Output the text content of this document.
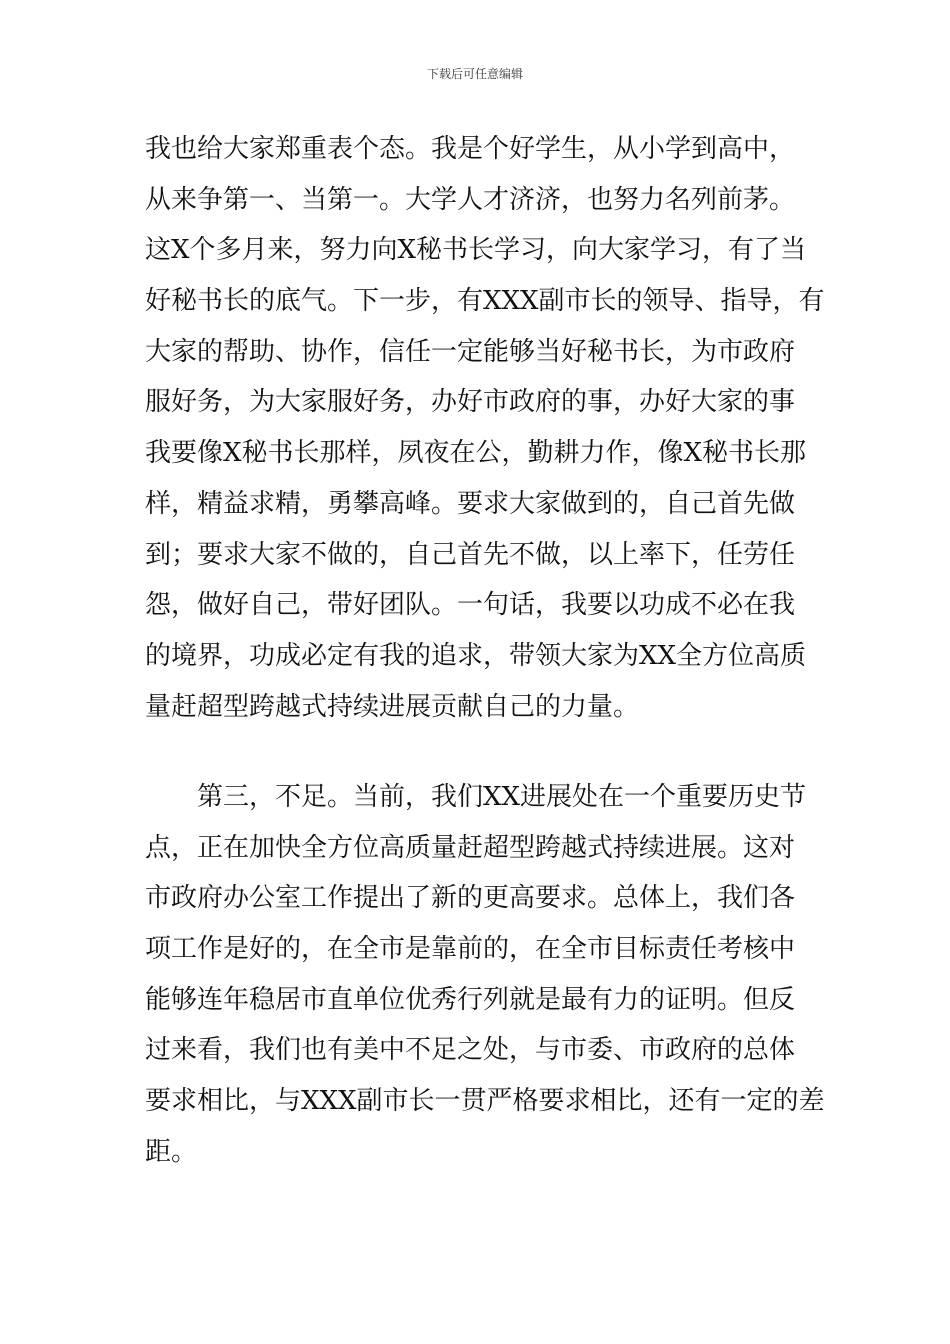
下载后可任意编辑
我也给大家郑重表个态。我是个好学生，从小学到高中，
从来争第一、当第一。大学人才济济，也努力名列前茅。
这X个多月来，努力向X秘书长学习，向大家学习，有了当
好秘书长的底气。下一步，有XXX副市长的领导、指导，有
大家的帮助、协作，信任一定能够当好秘书长，为市政府
服好务，为大家服好务，办好市政府的事，办好大家的事
我要像X秘书长那样，夙夜在公，勤耕力作，像X秘书长那
样，精益求精，勇攀高峰。要求大家做到的，自己首先做
到；要求大家不做的，自己首先不做，以上率下，任劳任
怨，做好自己，带好团队。一句话，我要以功成不必在我
的境界，功成必定有我的追求，带领大家为XX全方位高质
量赶超型跨越式持续进展贡献自己的力量。
第三，不足。当前，我们XX进展处在一个重要历史节
点，正在加快全方位高质量赶超型跨越式持续进展。这对
市政府办公室工作提出了新的更高要求。总体上，我们各
项工作是好的，在全市是靠前的，在全市目标责任考核中
能够连年稳居市直单位优秀行列就是最有力的证明。但反
过来看，我们也有美中不足之处，与市委、市政府的总体
要求相比，与XXX副市长一贯严格要求相比，还有一定的差
距。
